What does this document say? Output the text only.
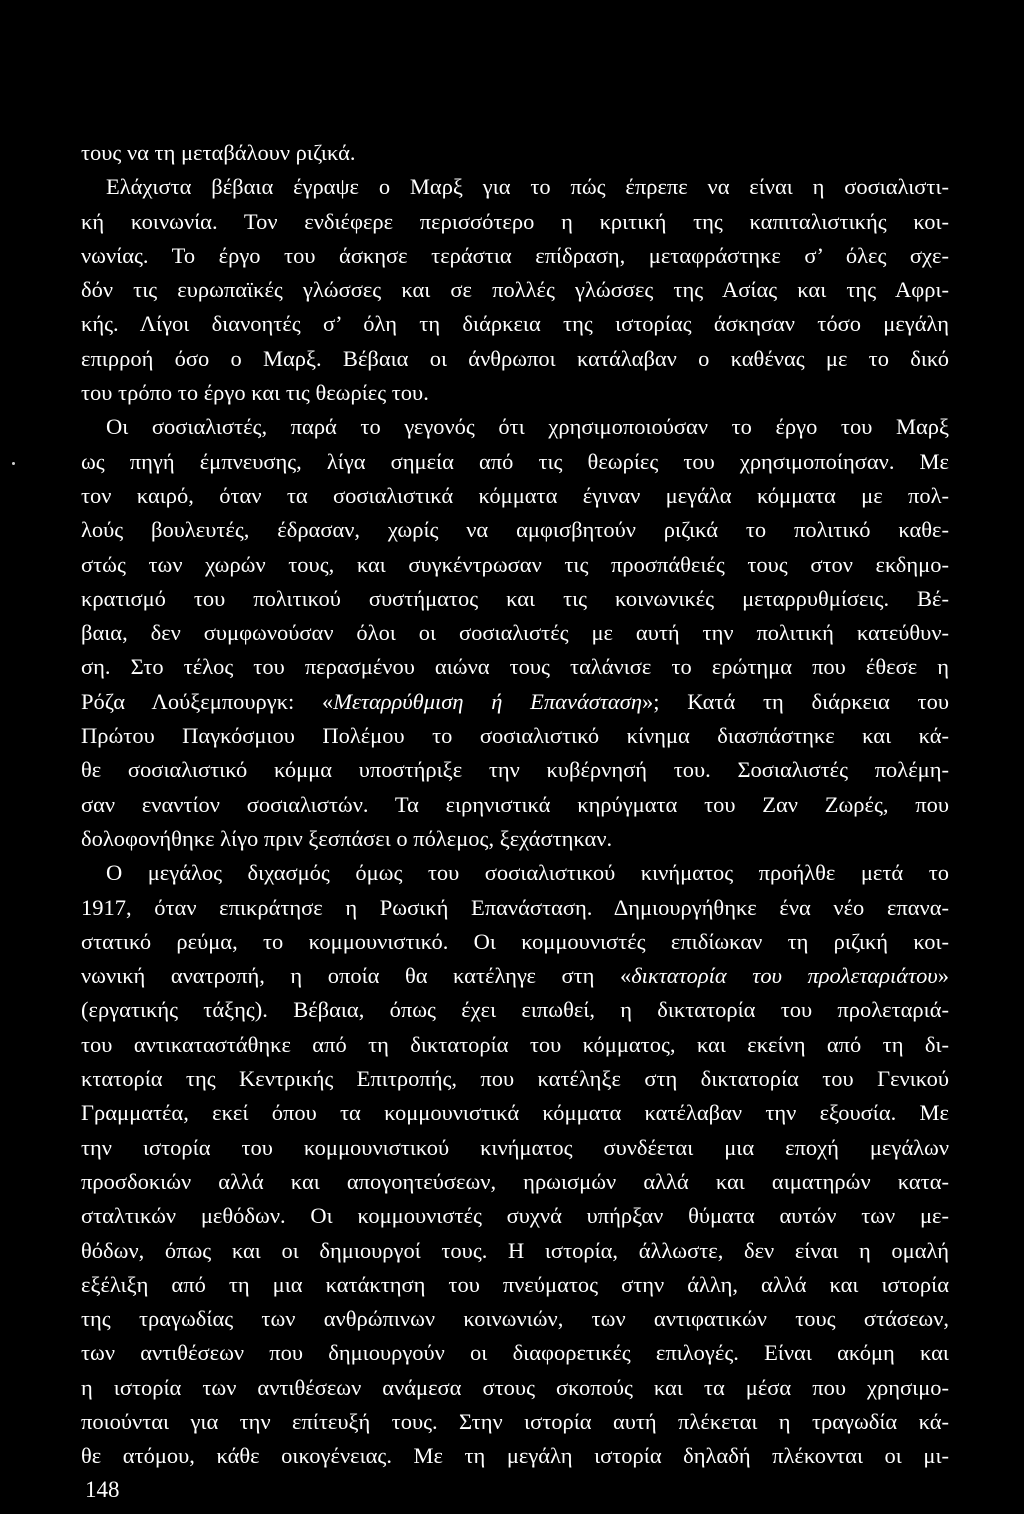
τους να τη μεταβάλουν ριζικά.
Ελάχιστα βέβαια έγραψε ο Μαρξ για το πώς έπρεπε να είναι η σοσιαλιστι-
κή κοινωνία. Τον ενδιέφερε περισσότερο η κριτική της καπιταλιστικής κοι-
νωνίας. Το έργο του άσκησε τεράστια επίδραση, μεταφράστηκε σ’ όλες σχε-
δόν τις ευρωπαϊκές γλώσσες και σε πολλές γλώσσες της Ασίας και της Αφρι-
κής. Λίγοι διανοητές σ’ όλη τη διάρκεια της ιστορίας άσκησαν τόσο μεγάλη
επιρροή όσο ο Μαρξ. Βέβαια οι άνθρωποι κατάλαβαν ο καθένας με το δικό
του τρόπο το έργο και τις θεωρίες του.
Οι σοσιαλιστές, παρά το γεγονός ότι χρησιμοποιούσαν το έργο του Μαρξ
ως πηγή έμπνευσης, λίγα σημεία από τις θεωρίες του χρησιμοποίησαν. Με
τον καιρό, όταν τα σοσιαλιστικά κόμματα έγιναν μεγάλα κόμματα με πολ-
λούς βουλευτές, έδρασαν, χωρίς να αμφισβητούν ριζικά το πολιτικό καθε-
στώς των χωρών τους, και συγκέντρωσαν τις προσπάθειές τους στον εκδημο-
κρατισμό του πολιτικού συστήματος και τις κοινωνικές μεταρρυθμίσεις. Βέ-
βαια, δεν συμφωνούσαν όλοι οι σοσιαλιστές με αυτή την πολιτική κατεύθυν-
ση. Στο τέλος του περασμένου αιώνα τους ταλάνισε το ερώτημα που έθεσε η
Ρόζα Λούξεμπουργκ: «Μεταρρύθμιση ή Επανάσταση»; Κατά τη διάρκεια του
Πρώτου Παγκόσμιου Πολέμου το σοσιαλιστικό κίνημα διασπάστηκε και κά-
θε σοσιαλιστικό κόμμα υποστήριξε την κυβέρνησή του. Σοσιαλιστές πολέμη-
σαν εναντίον σοσιαλιστών. Τα ειρηνιστικά κηρύγματα του Ζαν Ζωρές, που
δολοφονήθηκε λίγο πριν ξεσπάσει ο πόλεμος, ξεχάστηκαν.
Ο μεγάλος διχασμός όμως του σοσιαλιστικού κινήματος προήλθε μετά το
1917, όταν επικράτησε η Ρωσική Επανάσταση. Δημιουργήθηκε ένα νέο επανα-
στατικό ρεύμα, το κομμουνιστικό. Οι κομμουνιστές επιδίωκαν τη ριζική κοι-
νωνική ανατροπή, η οποία θα κατέληγε στη «δικτατορία του προλεταριάτου»
(εργατικής τάξης). Βέβαια, όπως έχει ειπωθεί, η δικτατορία του προλεταριά-
του αντικαταστάθηκε από τη δικτατορία του κόμματος, και εκείνη από τη δι-
κτατορία της Κεντρικής Επιτροπής, που κατέληξε στη δικτατορία του Γενικού
Γραμματέα, εκεί όπου τα κομμουνιστικά κόμματα κατέλαβαν την εξουσία. Με
την ιστορία του κομμουνιστικού κινήματος συνδέεται μια εποχή μεγάλων
προσδοκιών αλλά και απογοητεύσεων, ηρωισμών αλλά και αιματηρών κατα-
σταλτικών μεθόδων. Οι κομμουνιστές συχνά υπήρξαν θύματα αυτών των με-
θόδων, όπως και οι δημιουργοί τους. Η ιστορία, άλλωστε, δεν είναι η ομαλή
εξέλιξη από τη μια κατάκτηση του πνεύματος στην άλλη, αλλά και ιστορία
της τραγωδίας των ανθρώπινων κοινωνιών, των αντιφατικών τους στάσεων,
των αντιθέσεων που δημιουργούν οι διαφορετικές επιλογές. Είναι ακόμη και
η ιστορία των αντιθέσεων ανάμεσα στους σκοπούς και τα μέσα που χρησιμο-
ποιούνται για την επίτευξή τους. Στην ιστορία αυτή πλέκεται η τραγωδία κά-
θε ατόμου, κάθε οικογένειας. Με τη μεγάλη ιστορία δηλαδή πλέκονται οι μι-
148
